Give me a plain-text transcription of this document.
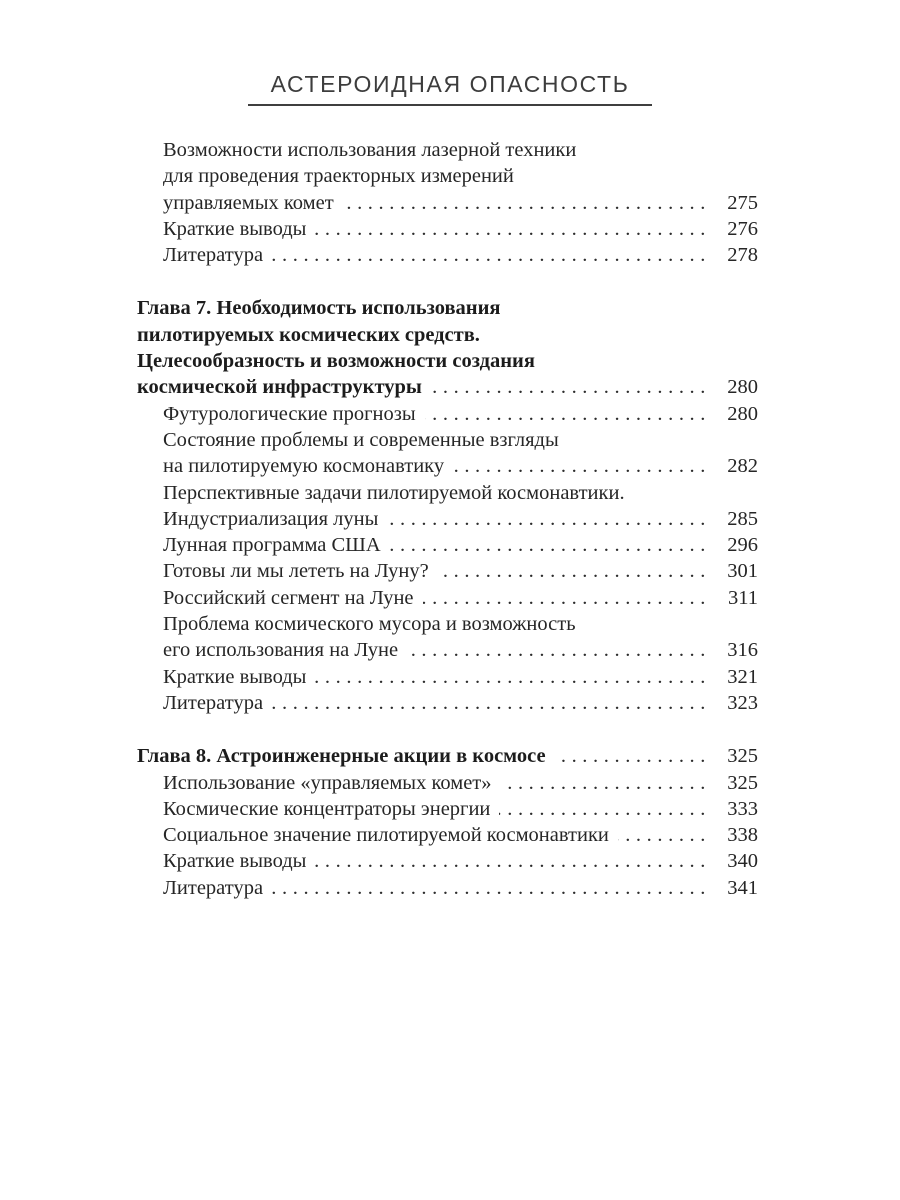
АСТЕРОИДНАЯ ОПАСНОСТЬ
Возможности использования лазерной техники
для проведения траекторных измерений
управляемых комет .....	275
Краткие выводы .....	276
Литература .....	278
Глава 7. Необходимость использования
пилотируемых космических средств.
Целесообразность и возможности создания
космической инфраструктуры .....	280
Футурологические прогнозы .....	280
Состояние проблемы и современные взгляды
на пилотируемую космонавтику .....	282
Перспективные задачи пилотируемой космонавтики.
Индустриализация луны .....	285
Лунная программа США .....	296
Готовы ли мы лететь на Луну? .....	301
Российский сегмент на Луне .....	311
Проблема космического мусора и возможность
его использования на Луне .....	316
Краткие выводы .....	321
Литература .....	323
Глава 8. Астроинженерные акции в космосе .....	325
Использование «управляемых комет» .....	325
Космические концентраторы энергии .....	333
Социальное значение пилотируемой космонавтики .....	338
Краткие выводы .....	340
Литература .....	341
